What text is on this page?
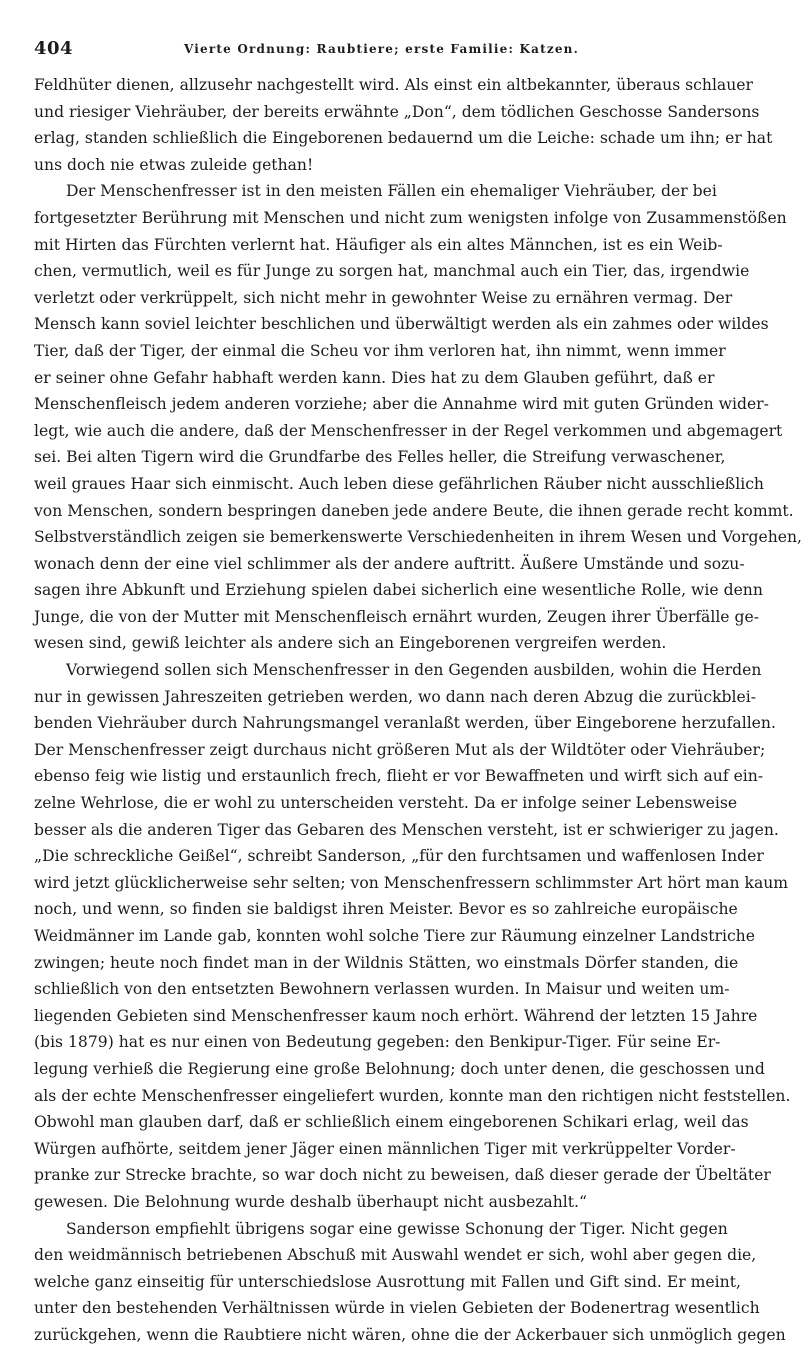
404	Vierte Ordnung: Raubtiere; erste Familie: Katzen.
Feldhüter dienen, allzusehr nachgestellt wird. Als einst ein altbekannter, überaus schlauer
und riesiger Viehräuber, der bereits erwähnte „Don“, dem tödlichen Geschosse Sandersons
erlag, standen schließlich die Eingeborenen bedauernd um die Leiche: schade um ihn; er hat
uns doch nie etwas zuleide gethan!
Der Menschenfresser ist in den meisten Fällen ein ehemaliger Viehräuber, der bei
fortgesetzter Berührung mit Menschen und nicht zum wenigsten infolge von Zusammenstößen
mit Hirten das Fürchten verlernt hat. Häufiger als ein altes Männchen, ist es ein Weib-
chen, vermutlich, weil es für Junge zu sorgen hat, manchmal auch ein Tier, das, irgendwie
verletzt oder verkrüppelt, sich nicht mehr in gewohnter Weise zu ernähren vermag. Der
Mensch kann soviel leichter beschlichen und überwältigt werden als ein zahmes oder wildes
Tier, daß der Tiger, der einmal die Scheu vor ihm verloren hat, ihn nimmt, wenn immer
er seiner ohne Gefahr habhaft werden kann. Dies hat zu dem Glauben geführt, daß er
Menschenfleisch jedem anderen vorziehe; aber die Annahme wird mit guten Gründen wider-
legt, wie auch die andere, daß der Menschenfresser in der Regel verkommen und abgemagert
sei. Bei alten Tigern wird die Grundfarbe des Felles heller, die Streifung verwaschener,
weil graues Haar sich einmischt. Auch leben diese gefährlichen Räuber nicht ausschließlich
von Menschen, sondern bespringen daneben jede andere Beute, die ihnen gerade recht kommt.
Selbstverständlich zeigen sie bemerkenswerte Verschiedenheiten in ihrem Wesen und Vorgehen,
wonach denn der eine viel schlimmer als der andere auftritt. Äußere Umstände und sozu-
sagen ihre Abkunft und Erziehung spielen dabei sicherlich eine wesentliche Rolle, wie denn
Junge, die von der Mutter mit Menschenfleisch ernährt wurden, Zeugen ihrer Überfälle ge-
wesen sind, gewiß leichter als andere sich an Eingeborenen vergreifen werden.
Vorwiegend sollen sich Menschenfresser in den Gegenden ausbilden, wohin die Herden
nur in gewissen Jahreszeiten getrieben werden, wo dann nach deren Abzug die zurückblei-
benden Viehräuber durch Nahrungsmangel veranlaßt werden, über Eingeborene herzufallen.
Der Menschenfresser zeigt durchaus nicht größeren Mut als der Wildtöter oder Viehräuber;
ebenso feig wie listig und erstaunlich frech, flieht er vor Bewaffneten und wirft sich auf ein-
zelne Wehrlose, die er wohl zu unterscheiden versteht. Da er infolge seiner Lebensweise
besser als die anderen Tiger das Gebaren des Menschen versteht, ist er schwieriger zu jagen.
„Die schreckliche Geißel“, schreibt Sanderson, „für den furchtsamen und waffenlosen Inder
wird jetzt glücklicherweise sehr selten; von Menschenfressern schlimmster Art hört man kaum
noch, und wenn, so finden sie baldigst ihren Meister. Bevor es so zahlreiche europäische
Weidmänner im Lande gab, konnten wohl solche Tiere zur Räumung einzelner Landstriche
zwingen; heute noch findet man in der Wildnis Stätten, wo einstmals Dörfer standen, die
schließlich von den entsetzten Bewohnern verlassen wurden. In Maisur und weiten um-
liegenden Gebieten sind Menschenfresser kaum noch erhört. Während der letzten 15 Jahre
(bis 1879) hat es nur einen von Bedeutung gegeben: den Benkipur-Tiger. Für seine Er-
legung verhieß die Regierung eine große Belohnung; doch unter denen, die geschossen und
als der echte Menschenfresser eingeliefert wurden, konnte man den richtigen nicht feststellen.
Obwohl man glauben darf, daß er schließlich einem eingeborenen Schikari erlag, weil das
Würgen aufhörte, seitdem jener Jäger einen männlichen Tiger mit verkrüppelter Vorder-
pranke zur Strecke brachte, so war doch nicht zu beweisen, daß dieser gerade der Übeltäter
gewesen. Die Belohnung wurde deshalb überhaupt nicht ausbezahlt.“
Sanderson empfiehlt übrigens sogar eine gewisse Schonung der Tiger. Nicht gegen
den weidmännisch betriebenen Abschuß mit Auswahl wendet er sich, wohl aber gegen die,
welche ganz einseitig für unterschiedslose Ausrottung mit Fallen und Gift sind. Er meint,
unter den bestehenden Verhältnissen würde in vielen Gebieten der Bodenertrag wesentlich
zurückgehen, wenn die Raubtiere nicht wären, ohne die der Ackerbauer sich unmöglich gegen
